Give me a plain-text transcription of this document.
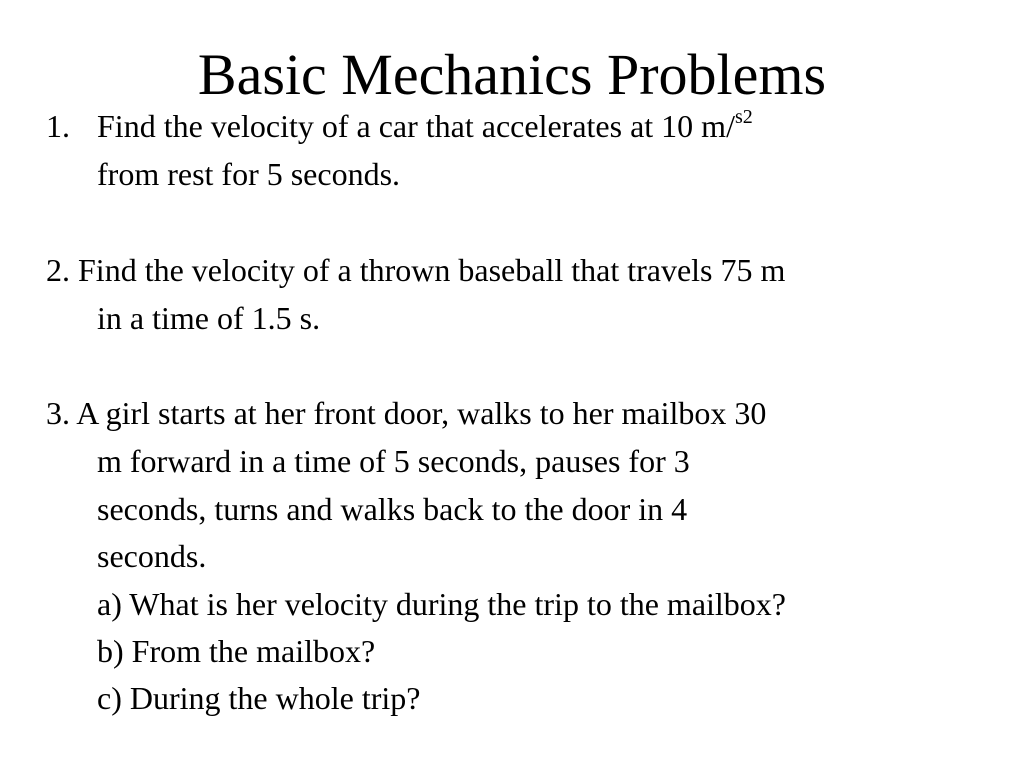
Basic Mechanics Problems
1. Find the velocity of a car that accelerates at 10 m/$^{s2}$
from rest for 5 seconds.
2. Find the velocity of a thrown baseball that travels 75 m
in a time of 1.5 s.
3. A girl starts at her front door, walks to her mailbox 30
m forward in a time of 5 seconds, pauses for 3
seconds, turns and walks back to the door in 4
seconds.
a) What is her velocity during the trip to the mailbox?
b) From the mailbox?
c) During the whole trip?
